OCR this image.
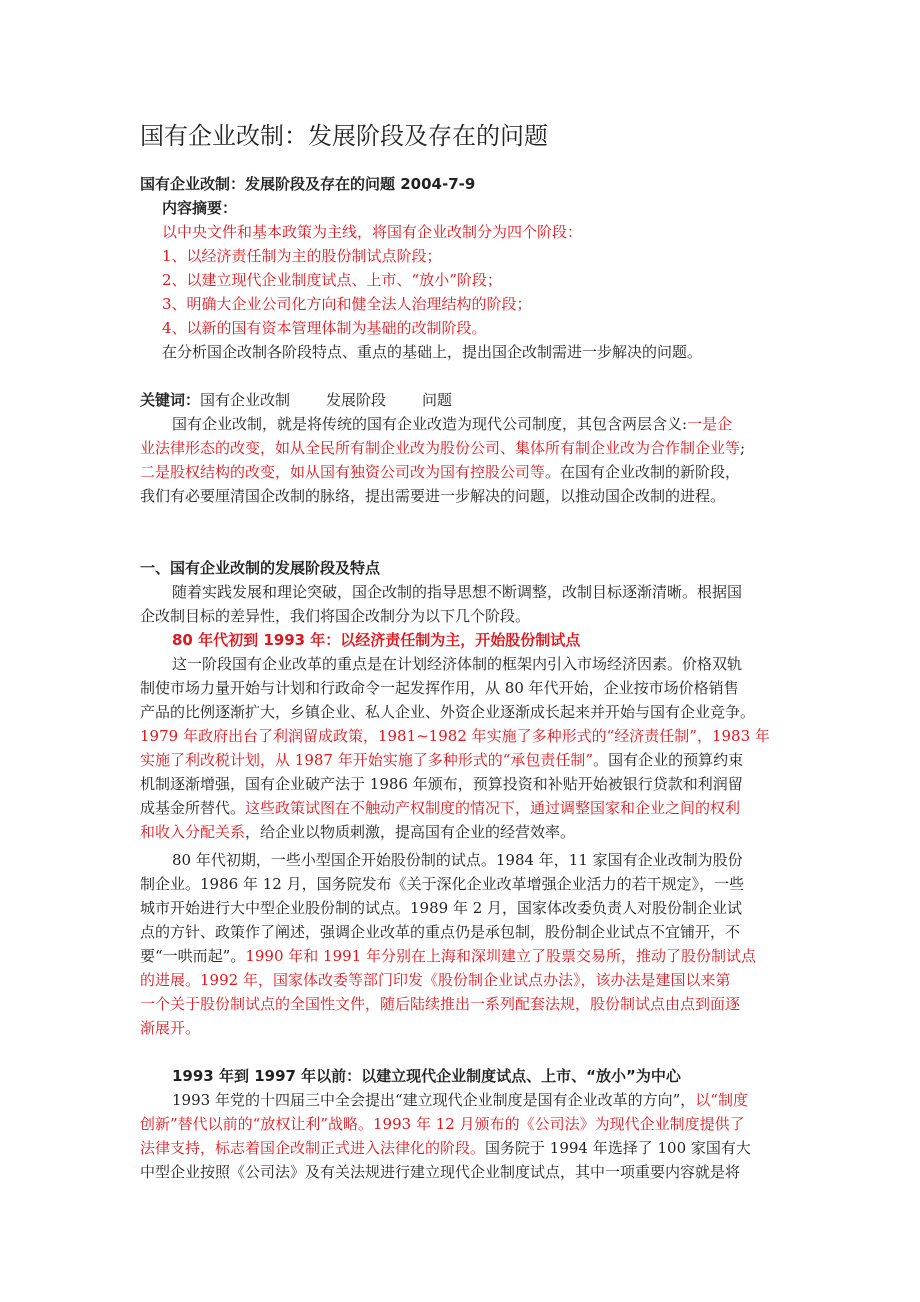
国有企业改制：发展阶段及存在的问题
国有企业改制：发展阶段及存在的问题 2004-7-9
内容摘要：
以中央文件和基本政策为主线，将国有企业改制分为四个阶段：
1、以经济责任制为主的股份制试点阶段；
2、以建立现代企业制度试点、上市、“放小”阶段；
3、明确大企业公司化方向和健全法人治理结构的阶段；
4、以新的国有资本管理体制为基础的改制阶段。
在分析国企改制各阶段特点、重点的基础上，提出国企改制需进一步解决的问题。
关键词：国有企业改制 发展阶段 问题
国有企业改制，就是将传统的国有企业改造为现代公司制度，其包含两层含义:一是企
业法律形态的改变，如从全民所有制企业改为股份公司、集体所有制企业改为合作制企业等;
二是股权结构的改变，如从国有独资公司改为国有控股公司等。在国有企业改制的新阶段，
我们有必要厘清国企改制的脉络，提出需要进一步解决的问题，以推动国企改制的进程。
一、国有企业改制的发展阶段及特点
随着实践发展和理论突破，国企改制的指导思想不断调整，改制目标逐渐清晰。根据国
企改制目标的差异性，我们将国企改制分为以下几个阶段。
80 年代初到 1993 年：以经济责任制为主，开始股份制试点
这一阶段国有企业改革的重点是在计划经济体制的框架内引入市场经济因素。价格双轨
制使市场力量开始与计划和行政命令一起发挥作用，从 80 年代开始，企业按市场价格销售
产品的比例逐渐扩大，乡镇企业、私人企业、外资企业逐渐成长起来并开始与国有企业竞争。
1979 年政府出台了利润留成政策，1981~1982 年实施了多种形式的“经济责任制”，1983 年
实施了利改税计划，从 1987 年开始实施了多种形式的“承包责任制”。国有企业的预算约束
机制逐渐增强，国有企业破产法于 1986 年颁布，预算投资和补贴开始被银行贷款和利润留
成基金所替代。这些政策试图在不触动产权制度的情况下，通过调整国家和企业之间的权利
和收入分配关系，给企业以物质刺激，提高国有企业的经营效率。
80 年代初期，一些小型国企开始股份制的试点。1984 年，11 家国有企业改制为股份
制企业。1986 年 12 月，国务院发布《关于深化企业改革增强企业活力的若干规定》，一些
城市开始进行大中型企业股份制的试点。1989 年 2 月，国家体改委负责人对股份制企业试
点的方针、政策作了阐述，强调企业改革的重点仍是承包制，股份制企业试点不宜铺开，不
要“一哄而起”。1990 年和 1991 年分别在上海和深圳建立了股票交易所，推动了股份制试点
的进展。1992 年，国家体改委等部门印发《股份制企业试点办法》，该办法是建国以来第
一个关于股份制试点的全国性文件，随后陆续推出一系列配套法规，股份制试点由点到面逐
渐展开。
1993 年到 1997 年以前：以建立现代企业制度试点、上市、“放小”为中心
1993 年党的十四届三中全会提出“建立现代企业制度是国有企业改革的方向”，以“制度
创新”替代以前的“放权让利”战略。1993 年 12 月颁布的《公司法》为现代企业制度提供了
法律支持，标志着国企改制正式进入法律化的阶段。国务院于 1994 年选择了 100 家国有大
中型企业按照《公司法》及有关法规进行建立现代企业制度试点，其中一项重要内容就是将
